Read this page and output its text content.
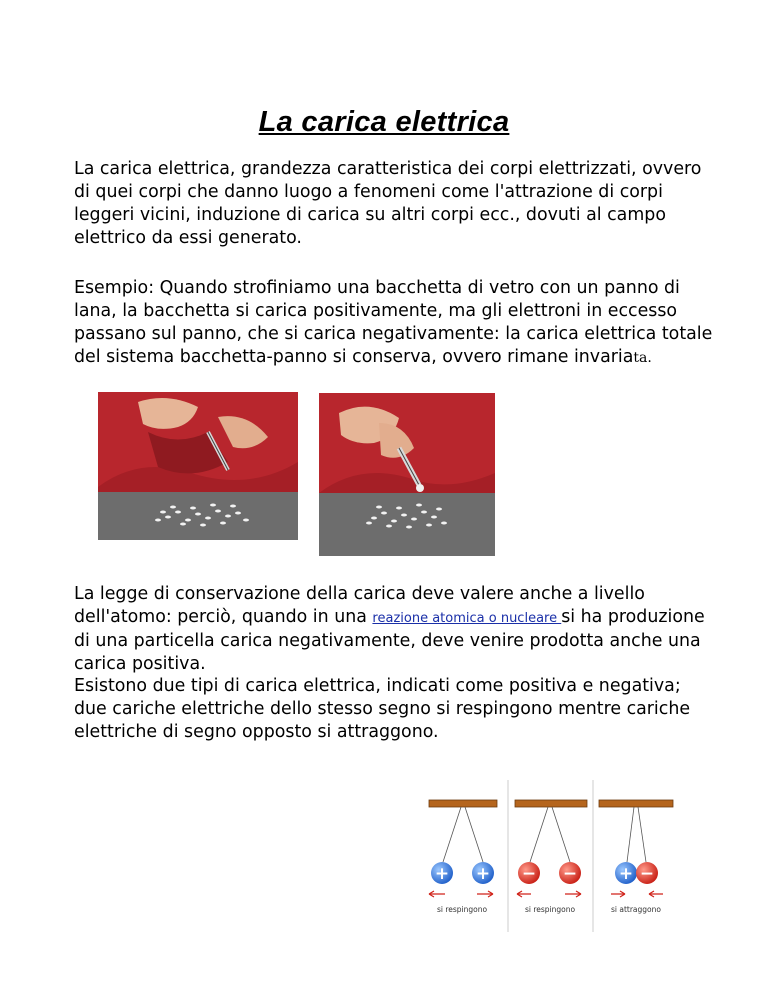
La carica elettrica

La carica elettrica, grandezza caratteristica dei corpi elettrizzati, ovvero di quei corpi che danno luogo a fenomeni come l'attrazione di corpi leggeri vicini, induzione di carica su altri corpi ecc., dovuti al campo elettrico da essi generato.

Esempio: Quando strofiniamo una bacchetta di vetro con un panno di lana, la bacchetta si carica positivamente, ma gli elettroni in eccesso passano sul panno, che si carica negativamente: la carica elettrica totale del sistema bacchetta-panno si conserva, ovvero rimane invariata.

La legge di conservazione della carica deve valere anche a livello dell'atomo: perciò, quando in una reazione atomica o nucleare si ha produzione di una particella carica negativamente, deve venire prodotta anche una carica positiva.

Esistono due tipi di carica elettrica, indicati come positiva e negativa; due cariche elettriche dello stesso segno si respingono mentre cariche elettriche di segno opposto si attraggono.

+ +
si respingono
− −
si respingono
+ −
si attraggono
